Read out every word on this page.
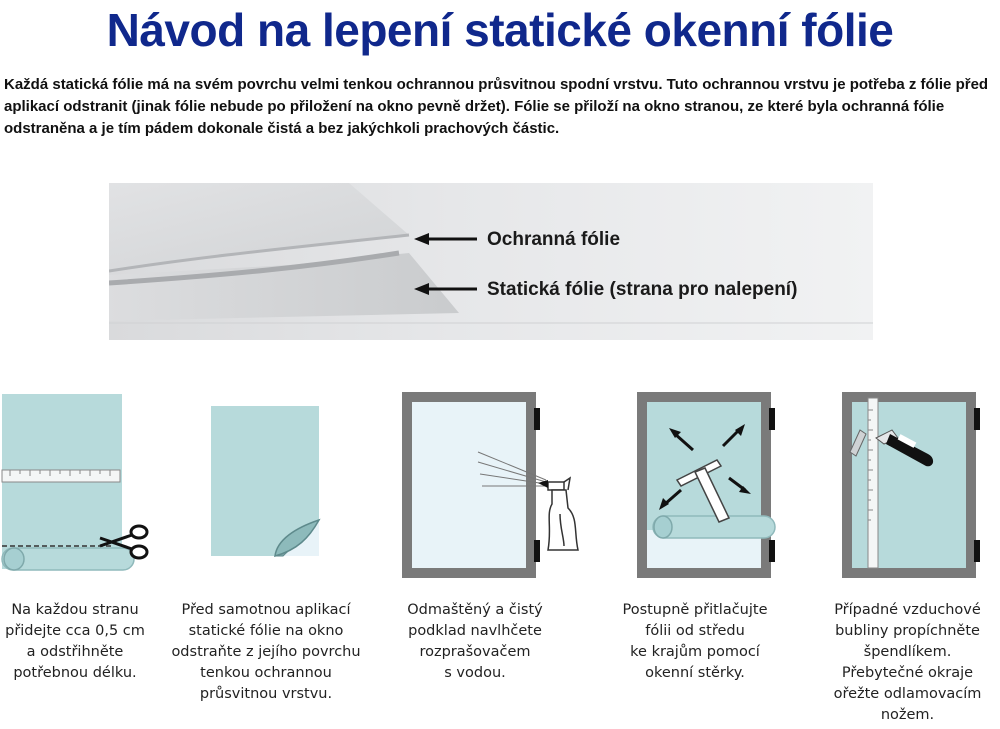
Návod na lepení statické okenní fólie
Každá statická fólie má na svém povrchu velmi tenkou ochrannou průsvitnou spodní vrstvu. Tuto ochrannou vrstvu je potřeba z fólie před aplikací odstranit (jinak fólie nebude po přiložení na okno pevně držet). Fólie se přiloží na okno stranou, ze které byla ochranná fólie odstraněna a je tím pádem dokonale čistá a bez jakýchkoli prachových částic.
Ochranná fólie
Statická fólie (strana pro nalepení)
Na každou stranu
přidejte cca 0,5 cm
a odstřihněte
potřebnou délku.
Před samotnou aplikací
statické fólie na okno
odstraňte z jejího povrchu
tenkou ochrannou
průsvitnou vrstvu.
Odmaštěný a čistý
podklad navlhčete
rozprašovačem
s vodou.
Postupně přitlačujte
fólii od středu
ke krajům pomocí
okenní stěrky.
Případné vzduchové
bubliny propíchněte
špendlíkem.
Přebytečné okraje
ořežte odlamovacím
nožem.
